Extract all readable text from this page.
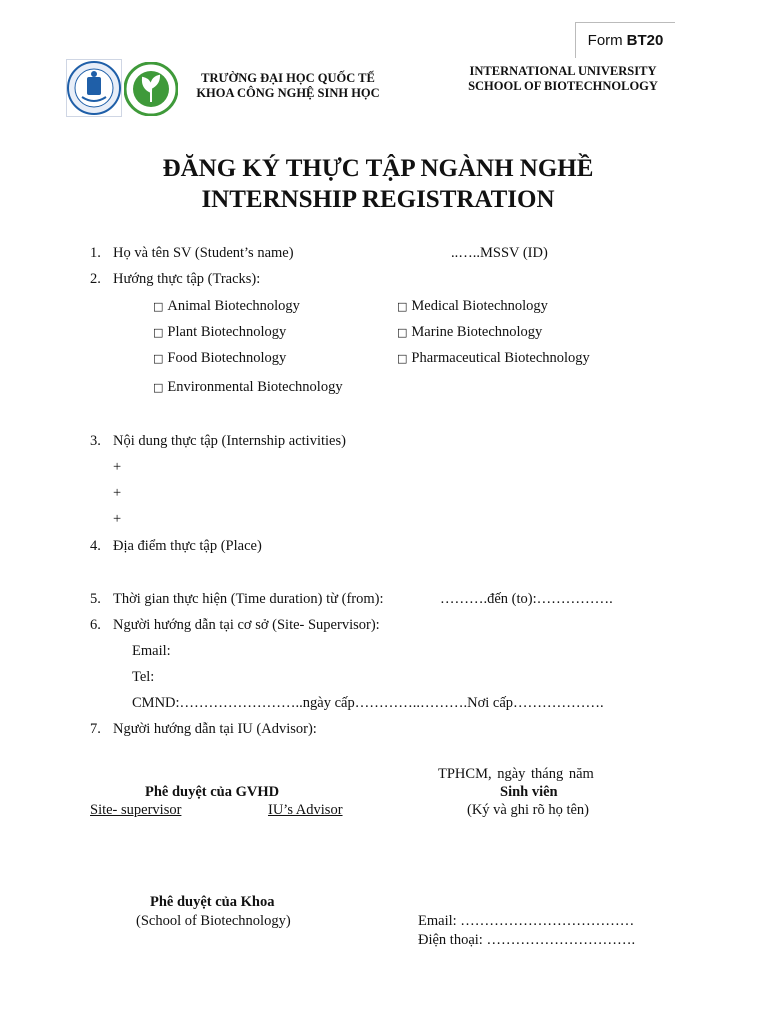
Form BT20
TRƯỜNG ĐẠI HỌC QUỐC TẾ
KHOA CÔNG NGHỆ SINH HỌC
INTERNATIONAL UNIVERSITY
SCHOOL OF BIOTECHNOLOGY
ĐĂNG KÝ THỰC TẬP NGÀNH NGHỀ
INTERNSHIP REGISTRATION
1. Họ và tên SV (Student’s name)	..…..MSSV (ID)
2. Hướng thực tập (Tracks):
□ Animal Biotechnology	□ Medical Biotechnology
□ Plant Biotechnology	□ Marine Biotechnology
□ Food Biotechnology	□ Pharmaceutical Biotechnology
□ Environmental Biotechnology
3. Nội dung thực tập (Internship activities)
+
+
+
4. Địa điểm thực tập (Place)
5. Thời gian thực hiện (Time duration) từ (from):	……….đến (to):…………….
6. Người hướng dẫn tại cơ sở (Site- Supervisor):
Email:
Tel:
CMND:……………………..ngày cấp…………..……….Nơi cấp……………….
7. Người hướng dẫn tại IU (Advisor):
TPHCM, ngày tháng năm
Phê duyệt của GVHD	Sinh viên
Site- supervisor	IU’s Advisor	(Ký và ghi rõ họ tên)
Phê duyệt của Khoa
(School of Biotechnology)	Email: ………………………………
Điện thoại: ………………………….
